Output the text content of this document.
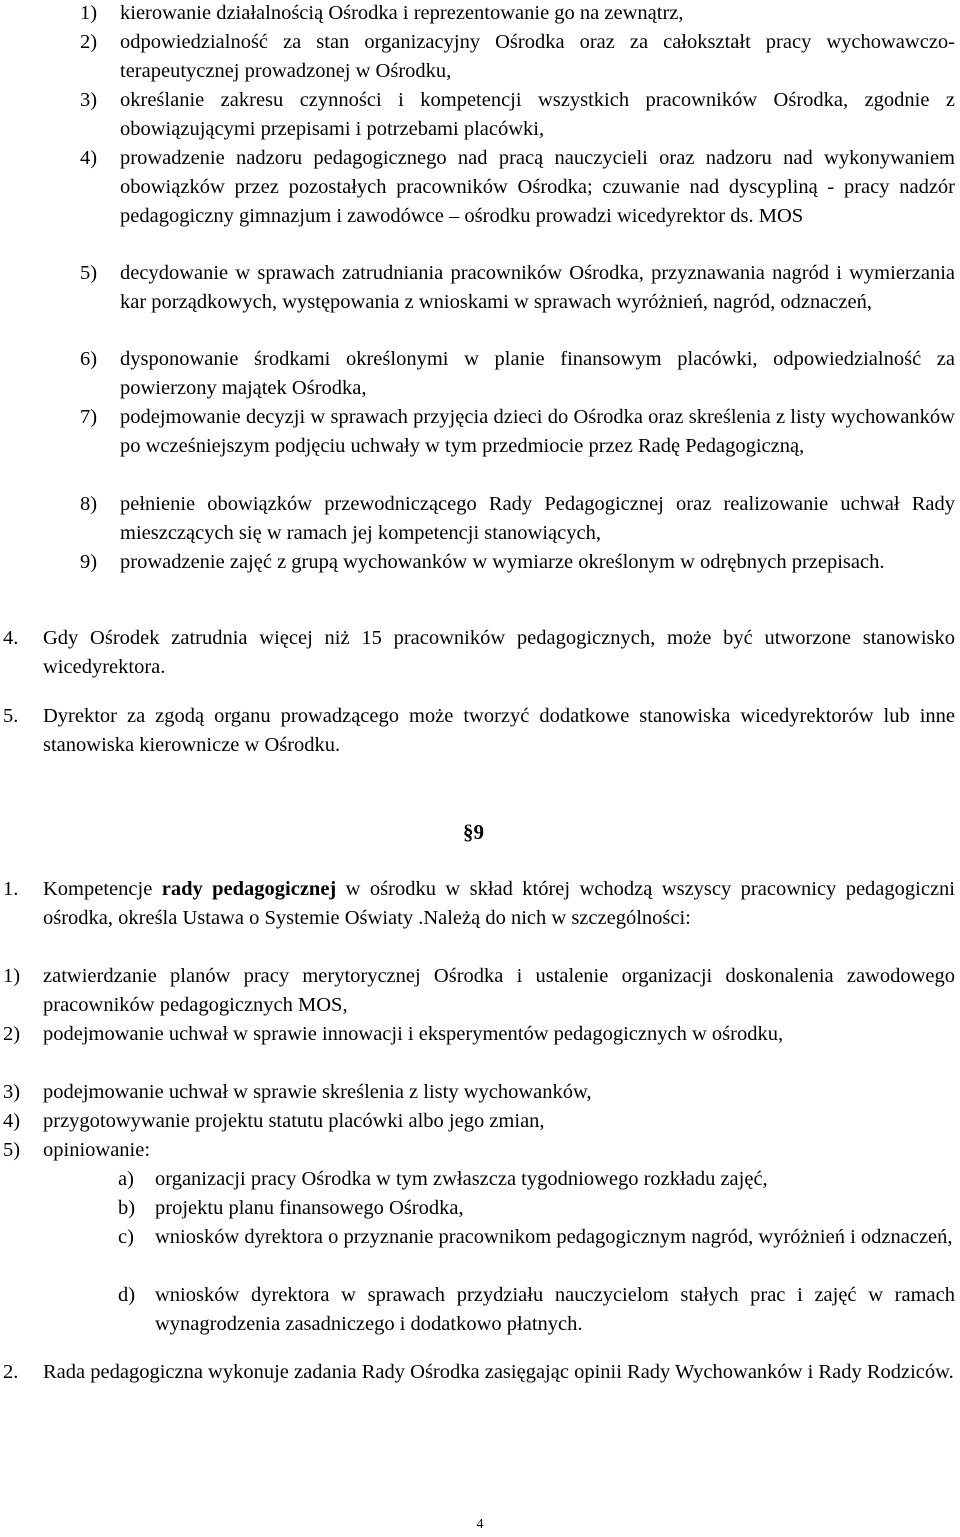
1)	kierowanie działalnością Ośrodka i reprezentowanie go na zewnątrz,
2)	odpowiedzialność za stan organizacyjny Ośrodka oraz za całokształt pracy wychowawczo-terapeutycznej prowadzonej w Ośrodku,
3)	określanie zakresu czynności i kompetencji wszystkich pracowników Ośrodka, zgodnie z obowiązującymi przepisami i potrzebami placówki,
4)	prowadzenie nadzoru pedagogicznego nad pracą nauczycieli oraz nadzoru nad wykonywaniem obowiązków przez pozostałych pracowników Ośrodka; czuwanie nad dyscypliną - pracy nadzór pedagogiczny gimnazjum i zawodówce – ośrodku prowadzi wicedyrektor ds. MOS
5)	decydowanie w sprawach zatrudniania pracowników Ośrodka, przyznawania nagród i wymierzania kar porządkowych, występowania z wnioskami w sprawach wyróżnień, nagród, odznaczeń,
6)	dysponowanie środkami określonymi w planie finansowym placówki, odpowiedzialność za powierzony majątek Ośrodka,
7)	podejmowanie decyzji w sprawach przyjęcia dzieci do Ośrodka oraz skreślenia z listy wychowanków po wcześniejszym podjęciu uchwały w tym przedmiocie przez Radę Pedagogiczną,
8)	pełnienie obowiązków przewodniczącego Rady Pedagogicznej oraz realizowanie uchwał Rady mieszczących się w ramach jej kompetencji stanowiących,
9)	prowadzenie zajęć z grupą wychowanków w wymiarze określonym w odrębnych przepisach.
4.	Gdy Ośrodek zatrudnia więcej niż 15 pracowników pedagogicznych, może być utworzone stanowisko wicedyrektora.
5.	Dyrektor za zgodą organu prowadzącego może tworzyć dodatkowe stanowiska wicedyrektorów lub inne stanowiska kierownicze w Ośrodku.
§9
1.	Kompetencje rady pedagogicznej w ośrodku w skład której wchodzą wszyscy pracownicy pedagogiczni ośrodka, określa Ustawa o Systemie Oświaty .Należą do nich w szczególności:
1)	zatwierdzanie planów pracy merytorycznej Ośrodka i ustalenie organizacji doskonalenia zawodowego pracowników pedagogicznych MOS,
2)	podejmowanie uchwał w sprawie innowacji i eksperymentów pedagogicznych w ośrodku,
3)	podejmowanie uchwał w sprawie skreślenia z listy wychowanków,
4)	przygotowywanie projektu statutu placówki albo jego zmian,
5)	opiniowanie:
a)	organizacji pracy Ośrodka w tym zwłaszcza tygodniowego rozkładu zajęć,
b) projektu planu finansowego Ośrodka,
c)	wniosków dyrektora o przyznanie pracownikom pedagogicznym nagród, wyróżnień i odznaczeń,
d) wniosków dyrektora w sprawach przydziału nauczycielom stałych prac i zajęć w ramach wynagrodzenia zasadniczego i dodatkowo płatnych.
2.	Rada pedagogiczna wykonuje zadania Rady Ośrodka zasięgając opinii Rady Wychowanków i Rady Rodziców.
4
